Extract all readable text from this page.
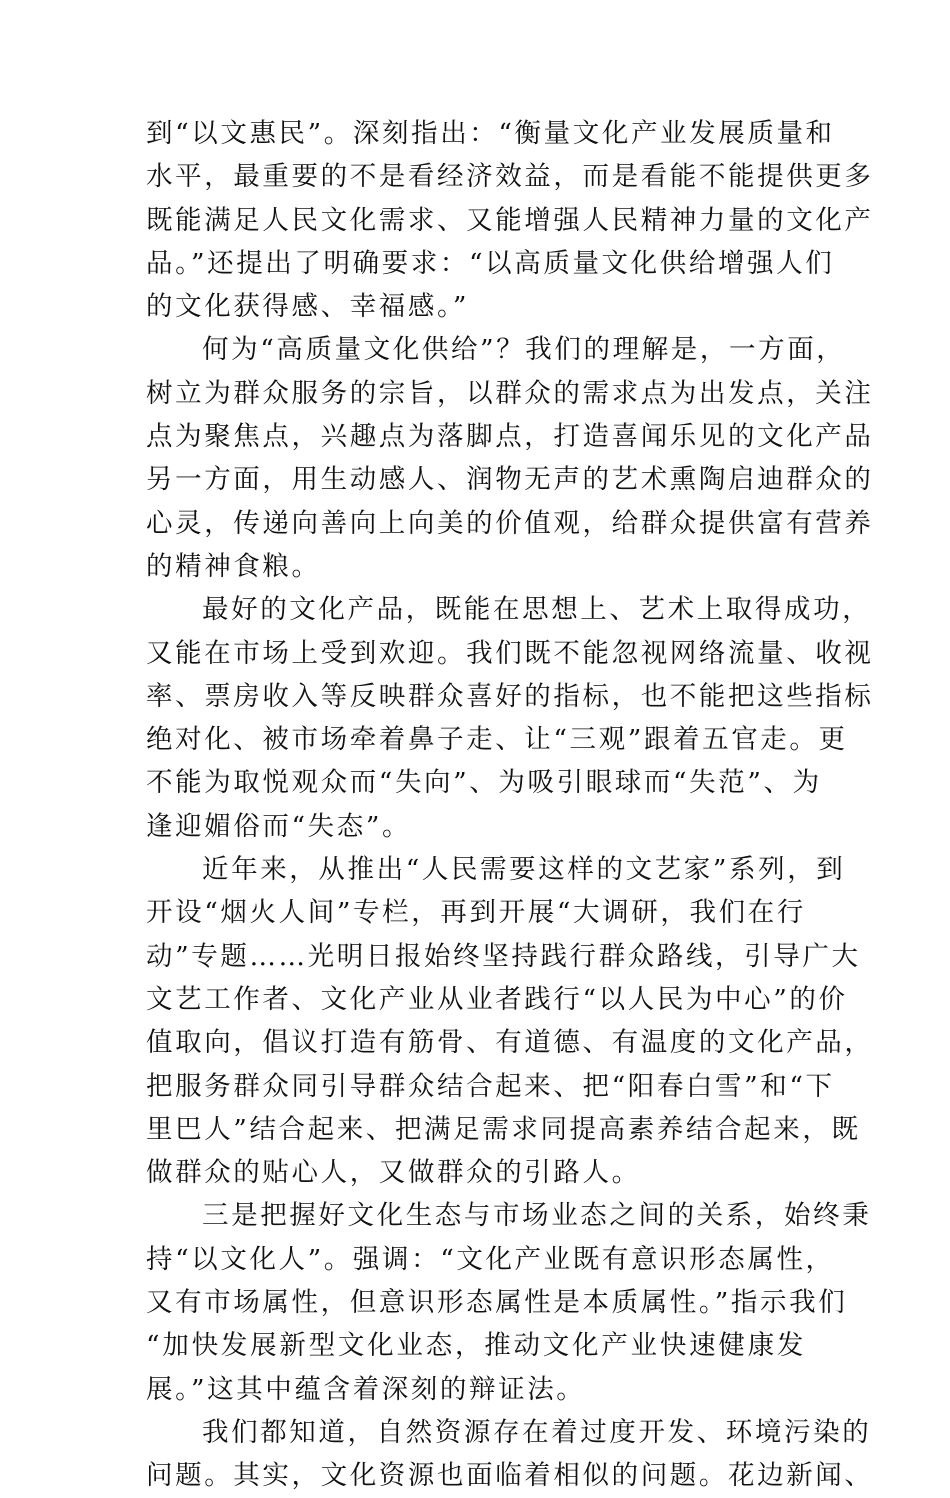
到“以文惠民”。深刻指出：“衡量文化产业发展质量和
水平，最重要的不是看经济效益，而是看能不能提供更多
既能满足人民文化需求、又能增强人民精神力量的文化产
品。”还提出了明确要求：“以高质量文化供给增强人们
的文化获得感、幸福感。”
何为“高质量文化供给”？我们的理解是，一方面，
树立为群众服务的宗旨，以群众的需求点为出发点，关注
点为聚焦点，兴趣点为落脚点，打造喜闻乐见的文化产品
另一方面，用生动感人、润物无声的艺术熏陶启迪群众的
心灵，传递向善向上向美的价值观，给群众提供富有营养
的精神食粮。
最好的文化产品，既能在思想上、艺术上取得成功，
又能在市场上受到欢迎。我们既不能忽视网络流量、收视
率、票房收入等反映群众喜好的指标，也不能把这些指标
绝对化、被市场牵着鼻子走、让“三观”跟着五官走。更
不能为取悦观众而“失向”、为吸引眼球而“失范”、为
逢迎媚俗而“失态”。
近年来，从推出“人民需要这样的文艺家”系列，到
开设“烟火人间”专栏，再到开展“大调研，我们在行
动”专题……光明日报始终坚持践行群众路线，引导广大
文艺工作者、文化产业从业者践行“以人民为中心”的价
值取向，倡议打造有筋骨、有道德、有温度的文化产品，
把服务群众同引导群众结合起来、把“阳春白雪”和“下
里巴人”结合起来、把满足需求同提高素养结合起来，既
做群众的贴心人，又做群众的引路人。
三是把握好文化生态与市场业态之间的关系，始终秉
持“以文化人”。强调：“文化产业既有意识形态属性，
又有市场属性，但意识形态属性是本质属性。”指示我们
“加快发展新型文化业态，推动文化产业快速健康发
展。”这其中蕴含着深刻的辩证法。
我们都知道，自然资源存在着过度开发、环境污染的
问题。其实，文化资源也面临着相似的问题。花边新闻、
